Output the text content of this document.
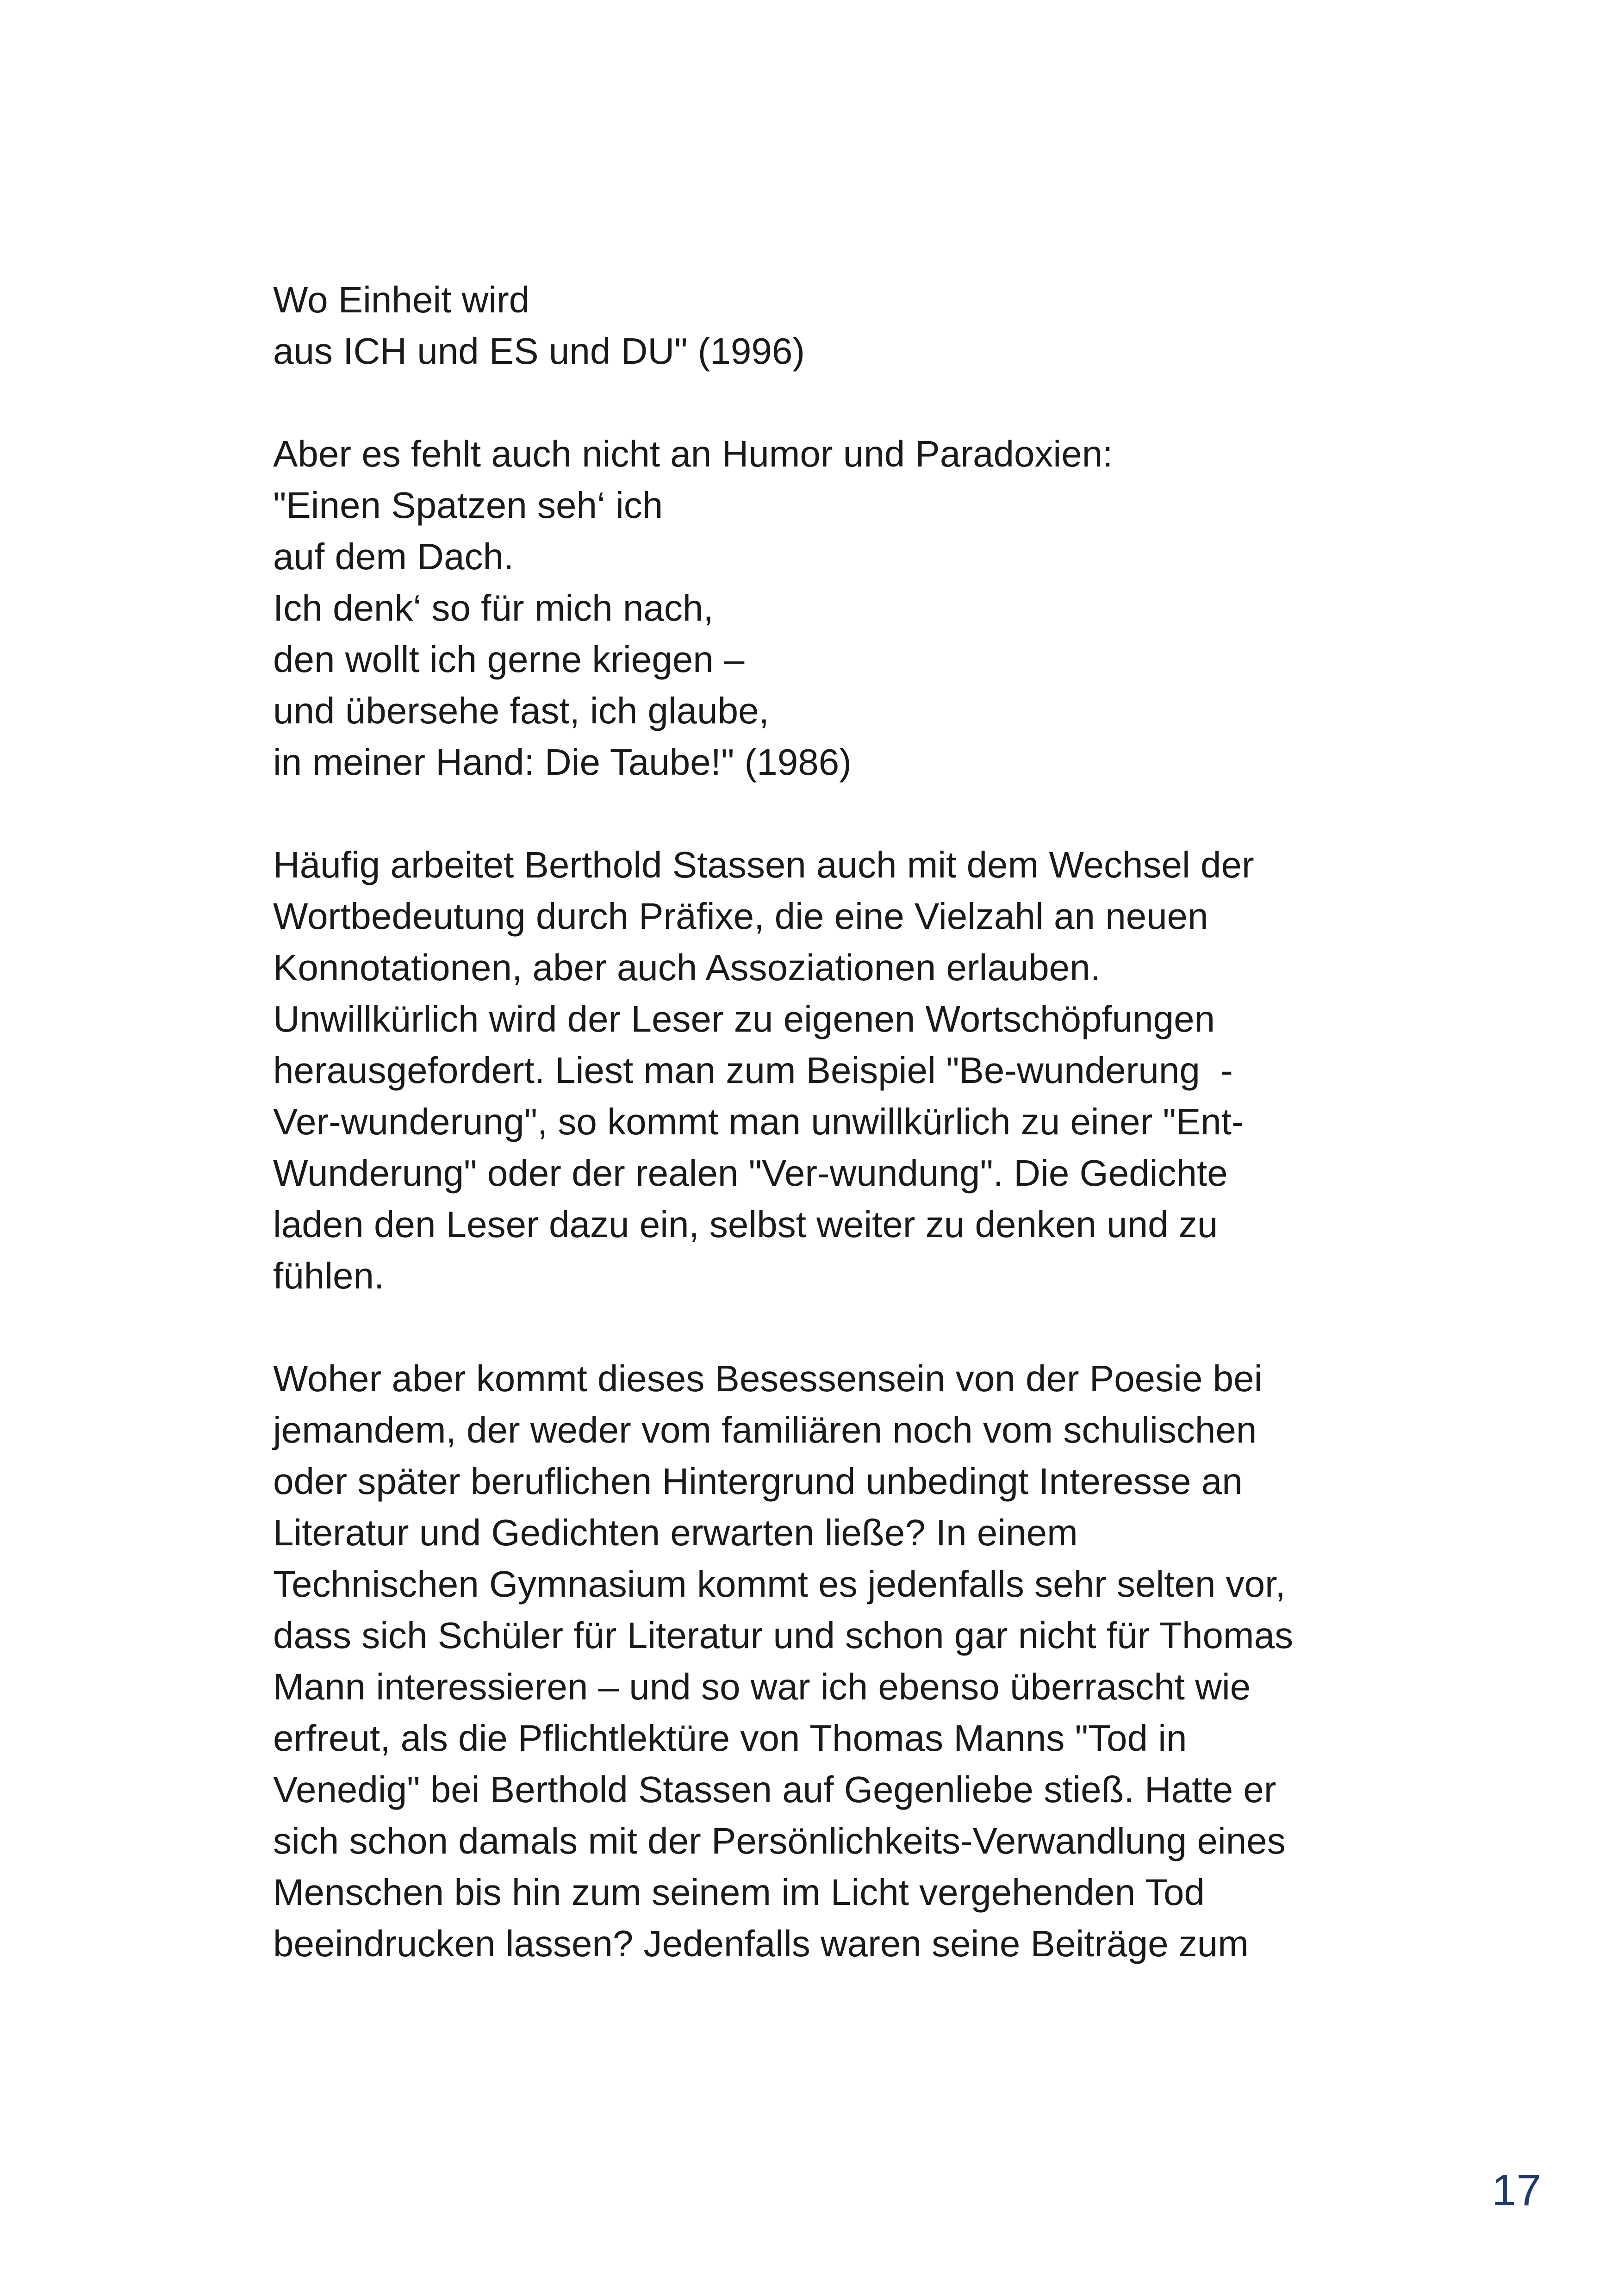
Wo Einheit wird
aus ICH und ES und DU" (1996)
Aber es fehlt auch nicht an Humor und Paradoxien:
"Einen Spatzen seh‘ ich
auf dem Dach.
Ich denk‘ so für mich nach,
den wollt ich gerne kriegen –
und übersehe fast, ich glaube,
in meiner Hand: Die Taube!" (1986)
Häufig arbeitet Berthold Stassen auch mit dem Wechsel der
Wortbedeutung durch Präfixe, die eine Vielzahl an neuen
Konnotationen, aber auch Assoziationen erlauben.
Unwillkürlich wird der Leser zu eigenen Wortschöpfungen
herausgefordert. Liest man zum Beispiel "Be-wunderung  -
Ver-wunderung", so kommt man unwillkürlich zu einer "Ent-
Wunderung" oder der realen "Ver-wundung". Die Gedichte
laden den Leser dazu ein, selbst weiter zu denken und zu
fühlen.
Woher aber kommt dieses Besessensein von der Poesie bei
jemandem, der weder vom familiären noch vom schulischen
oder später beruflichen Hintergrund unbedingt Interesse an
Literatur und Gedichten erwarten ließe? In einem
Technischen Gymnasium kommt es jedenfalls sehr selten vor,
dass sich Schüler für Literatur und schon gar nicht für Thomas
Mann interessieren – und so war ich ebenso überrascht wie
erfreut, als die Pflichtlektüre von Thomas Manns "Tod in
Venedig" bei Berthold Stassen auf Gegenliebe stieß. Hatte er
sich schon damals mit der Persönlichkeits-Verwandlung eines
Menschen bis hin zum seinem im Licht vergehenden Tod
beeindrucken lassen? Jedenfalls waren seine Beiträge zum
17
